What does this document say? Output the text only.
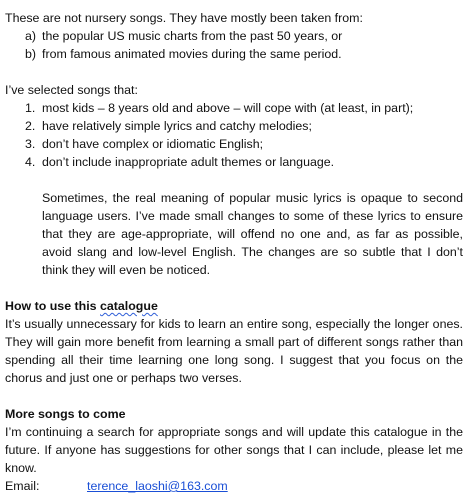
These are not nursery songs. They have mostly been taken from:

a) the popular US music charts from the past 50 years, or
b) from famous animated movies during the same period.

I’ve selected songs that:

1. most kids – 8 years old and above – will cope with (at least, in part);
2. have relatively simple lyrics and catchy melodies;
3. don’t have complex or idiomatic English;
4. don’t include inappropriate adult themes or language.

Sometimes, the real meaning of popular music lyrics is opaque to second language users. I’ve made small changes to some of these lyrics to ensure that they are age-appropriate, will offend no one and, as far as possible, avoid slang and low-level English. The changes are so subtle that I don’t think they will even be noticed.

How to use this catalogue

It’s usually unnecessary for kids to learn an entire song, especially the longer ones. They will gain more benefit from learning a small part of different songs rather than spending all their time learning one long song. I suggest that you focus on the chorus and just one or perhaps two verses.

More songs to come

I’m continuing a search for appropriate songs and will update this catalogue in the future. If anyone has suggestions for other songs that I can include, please let me know.

Email:	terence_laoshi@163.com
